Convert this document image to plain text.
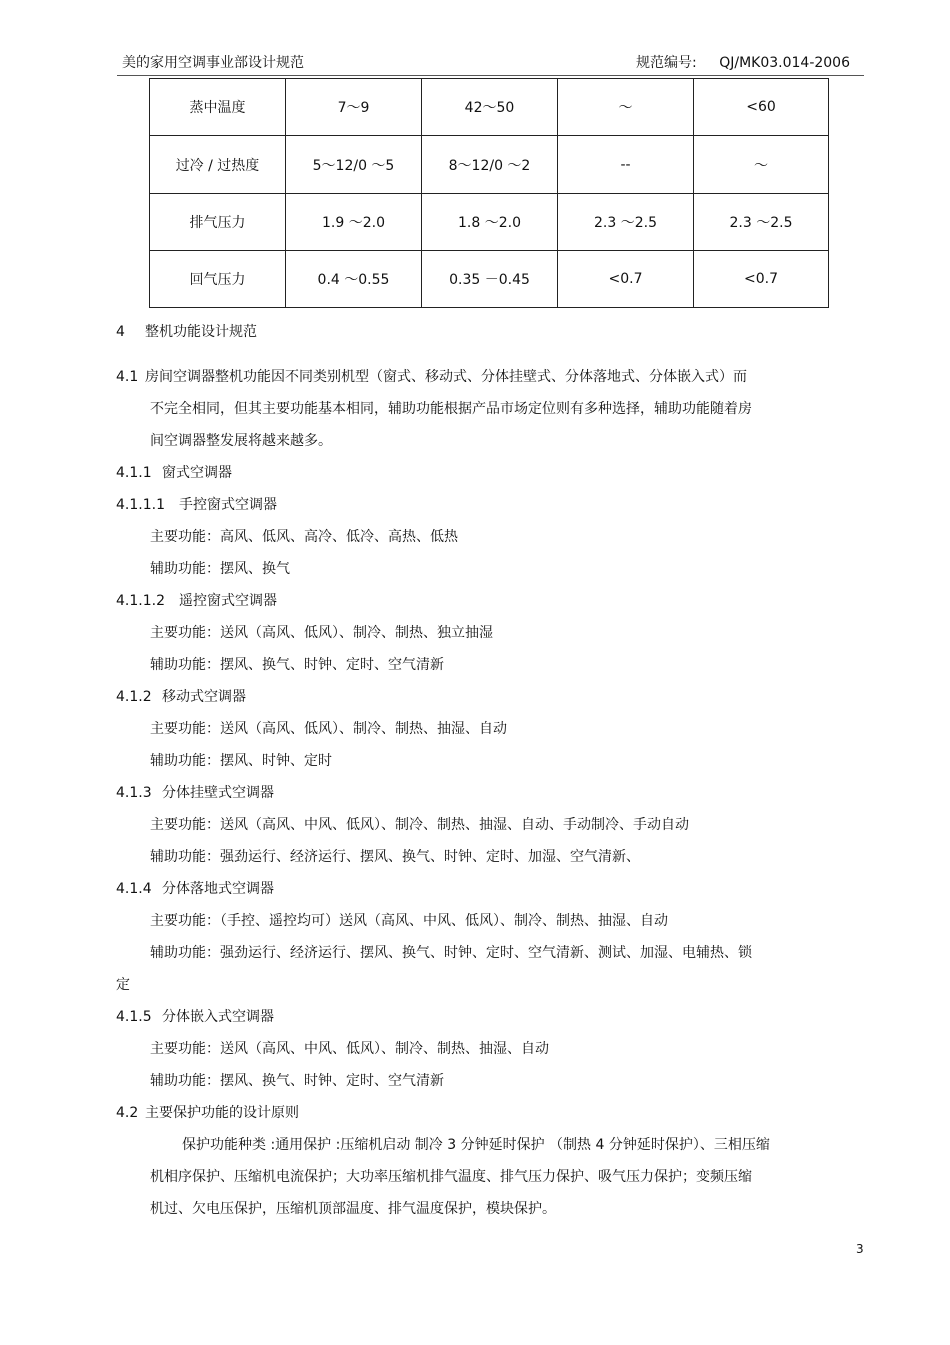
美的家用空调事业部设计规范	规范编号: QJ/MK03.014-2006
蒸中温度	7～9	42～50	～	<60
过冷 / 过热度	5～12/0 ～5	8～12/0 ～2	--	～
排气压力	1.9 ～2.0	1.8 ～2.0	2.3 ～2.5	2.3 ～2.5
回气压力	0.4 ～0.55	0.35 －0.45	<0.7	<0.7
4 整机功能设计规范
4.1 房间空调器整机功能因不同类别机型（窗式、移动式、分体挂壁式、分体落地式、分体嵌入式）而
不完全相同，但其主要功能基本相同，辅助功能根据产品市场定位则有多种选择，辅助功能随着房
间空调器整发展将越来越多。
4.1.1 窗式空调器
4.1.1.1 手控窗式空调器
主要功能：高风、低风、高冷、低冷、高热、低热
辅助功能：摆风、换气
4.1.1.2 遥控窗式空调器
主要功能：送风（高风、低风）、制冷、制热、独立抽湿
辅助功能：摆风、换气、时钟、定时、空气清新
4.1.2 移动式空调器
主要功能：送风（高风、低风）、制冷、制热、抽湿、自动
辅助功能：摆风、时钟、定时
4.1.3 分体挂壁式空调器
主要功能：送风（高风、中风、低风）、制冷、制热、抽湿、自动、手动制冷、手动自动
辅助功能：强劲运行、经济运行、摆风、换气、时钟、定时、加湿、空气清新、
4.1.4 分体落地式空调器
主要功能：（手控、遥控均可）送风（高风、中风、低风）、制冷、制热、抽湿、自动
辅助功能：强劲运行、经济运行、摆风、换气、时钟、定时、空气清新、测试、加湿、电辅热、锁
定
4.1.5 分体嵌入式空调器
主要功能：送风（高风、中风、低风）、制冷、制热、抽湿、自动
辅助功能：摆风、换气、时钟、定时、空气清新
4.2 主要保护功能的设计原则
保护功能种类 :通用保护 :压缩机启动 制冷 3 分钟延时保护 （制热 4 分钟延时保护）、三相压缩
机相序保护、压缩机电流保护；大功率压缩机排气温度、排气压力保护、吸气压力保护；变频压缩
机过、欠电压保护，压缩机顶部温度、排气温度保护，模块保护。
3
